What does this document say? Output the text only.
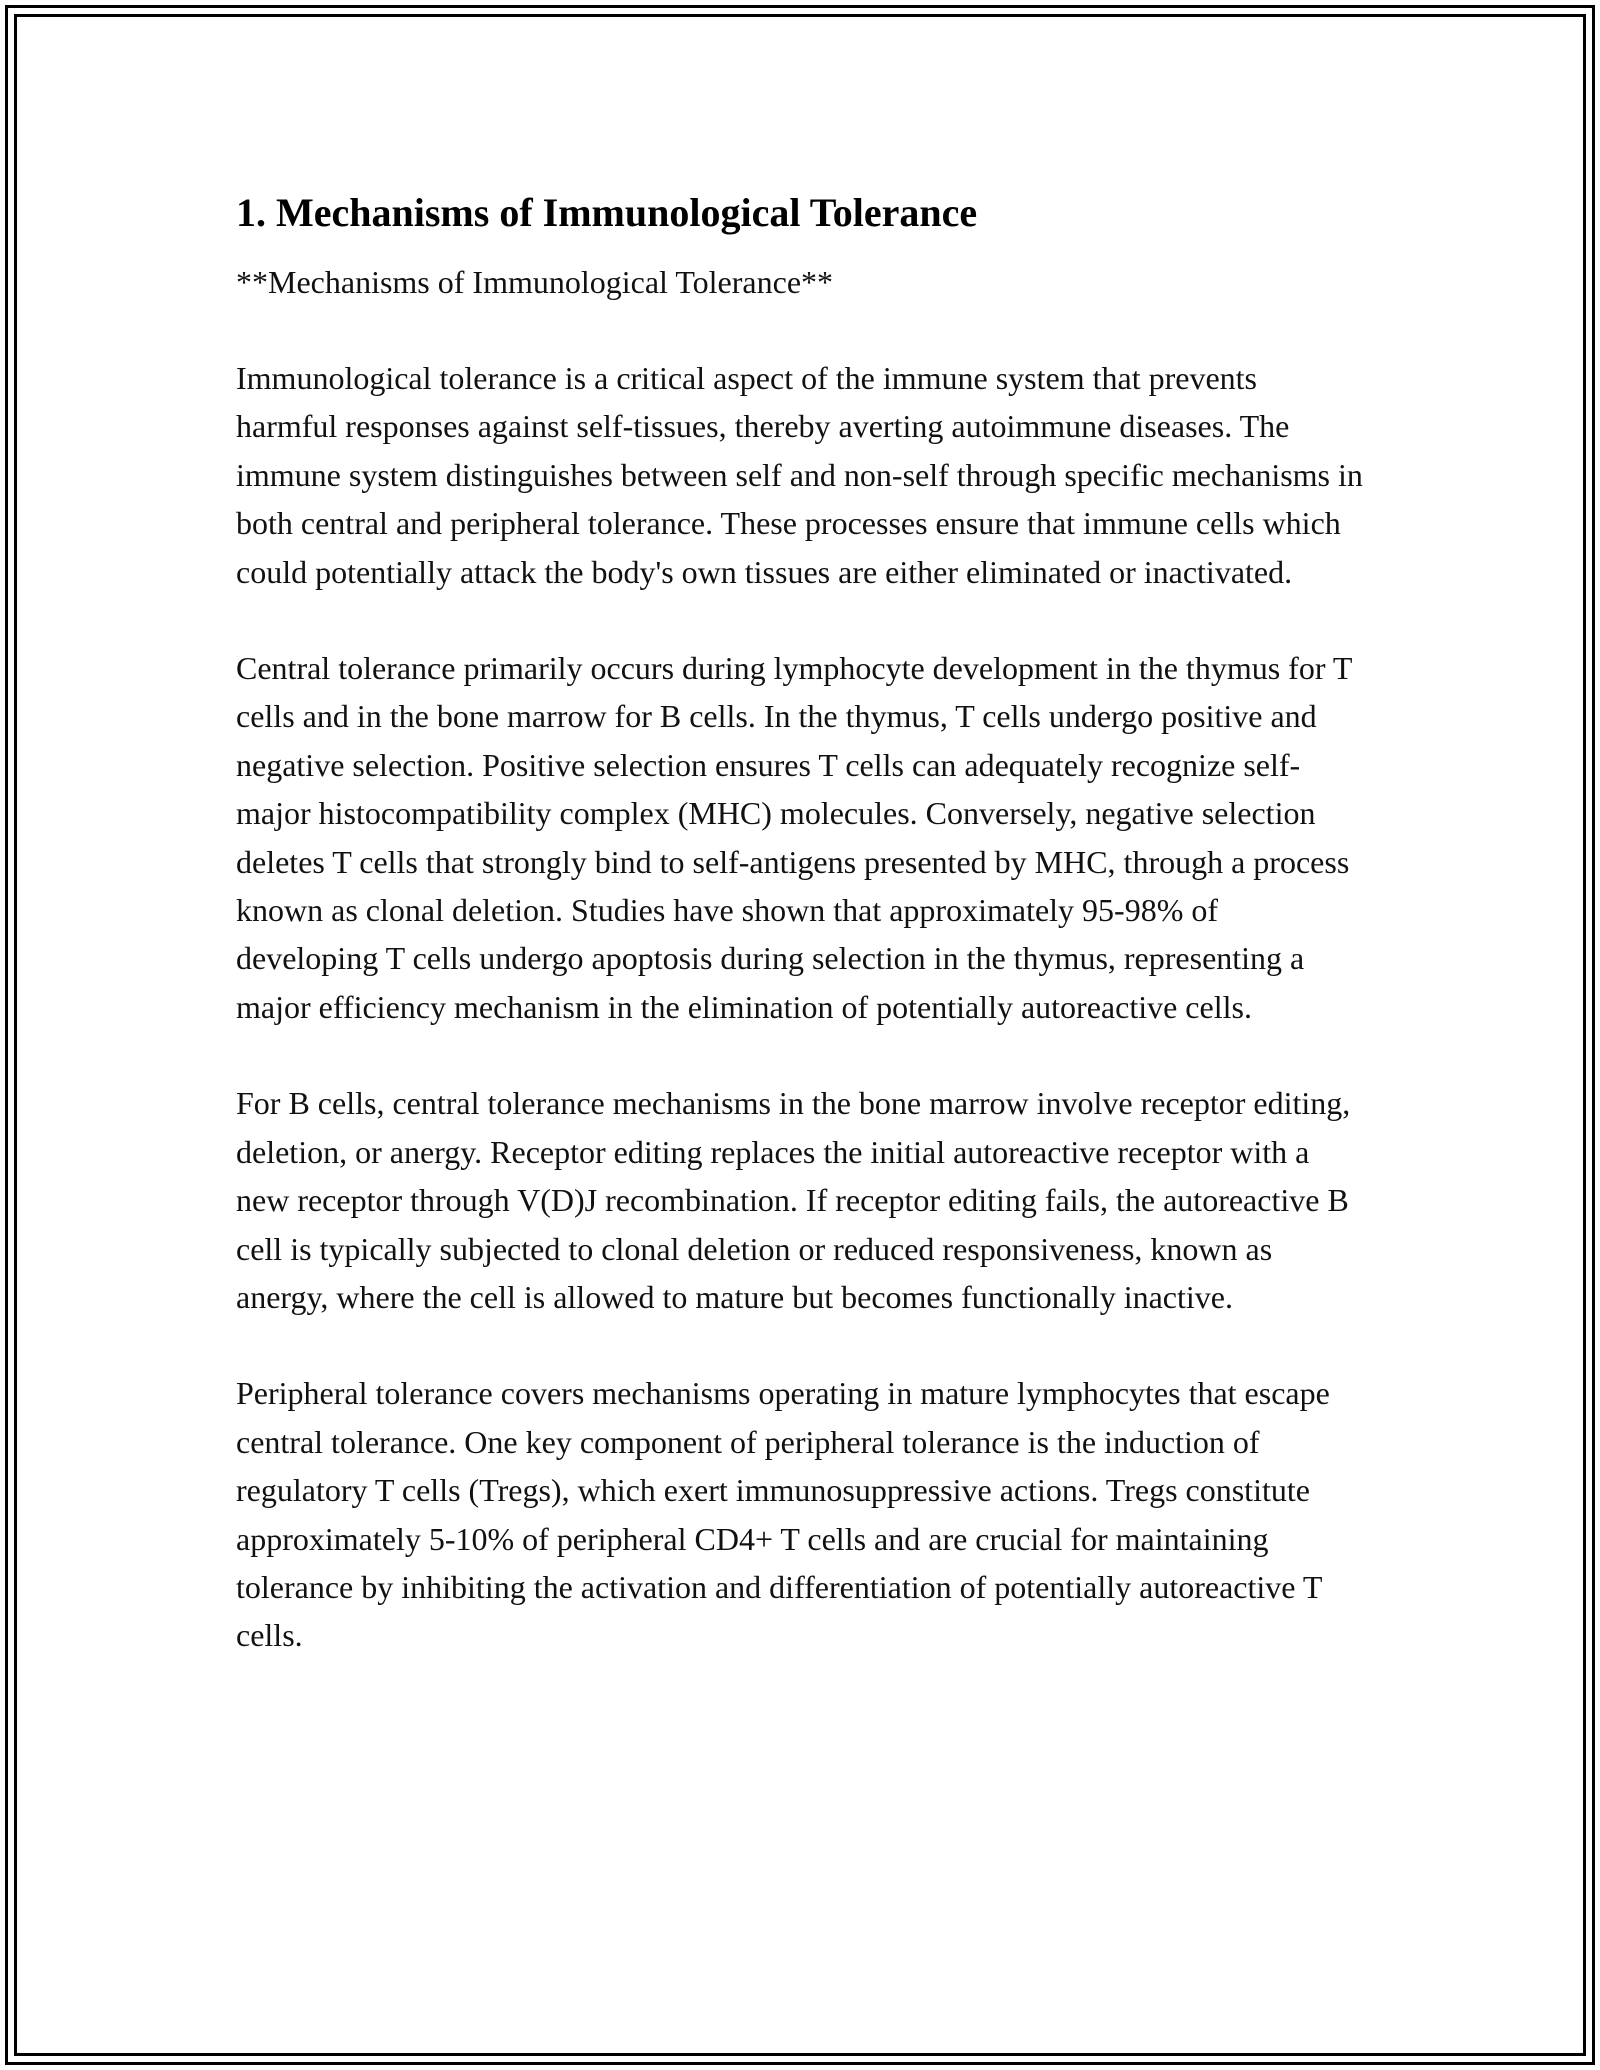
1. Mechanisms of Immunological Tolerance
**Mechanisms of Immunological Tolerance**

Immunological tolerance is a critical aspect of the immune system that prevents harmful responses against self-tissues, thereby averting autoimmune diseases. The immune system distinguishes between self and non-self through specific mechanisms in both central and peripheral tolerance. These processes ensure that immune cells which could potentially attack the body's own tissues are either eliminated or inactivated.

Central tolerance primarily occurs during lymphocyte development in the thymus for T cells and in the bone marrow for B cells. In the thymus, T cells undergo positive and negative selection. Positive selection ensures T cells can adequately recognize self-major histocompatibility complex (MHC) molecules. Conversely, negative selection deletes T cells that strongly bind to self-antigens presented by MHC, through a process known as clonal deletion. Studies have shown that approximately 95-98% of developing T cells undergo apoptosis during selection in the thymus, representing a major efficiency mechanism in the elimination of potentially autoreactive cells.

For B cells, central tolerance mechanisms in the bone marrow involve receptor editing, deletion, or anergy. Receptor editing replaces the initial autoreactive receptor with a new receptor through V(D)J recombination. If receptor editing fails, the autoreactive B cell is typically subjected to clonal deletion or reduced responsiveness, known as anergy, where the cell is allowed to mature but becomes functionally inactive.

Peripheral tolerance covers mechanisms operating in mature lymphocytes that escape central tolerance. One key component of peripheral tolerance is the induction of regulatory T cells (Tregs), which exert immunosuppressive actions. Tregs constitute approximately 5-10% of peripheral CD4+ T cells and are crucial for maintaining tolerance by inhibiting the activation and differentiation of potentially autoreactive T cells.
